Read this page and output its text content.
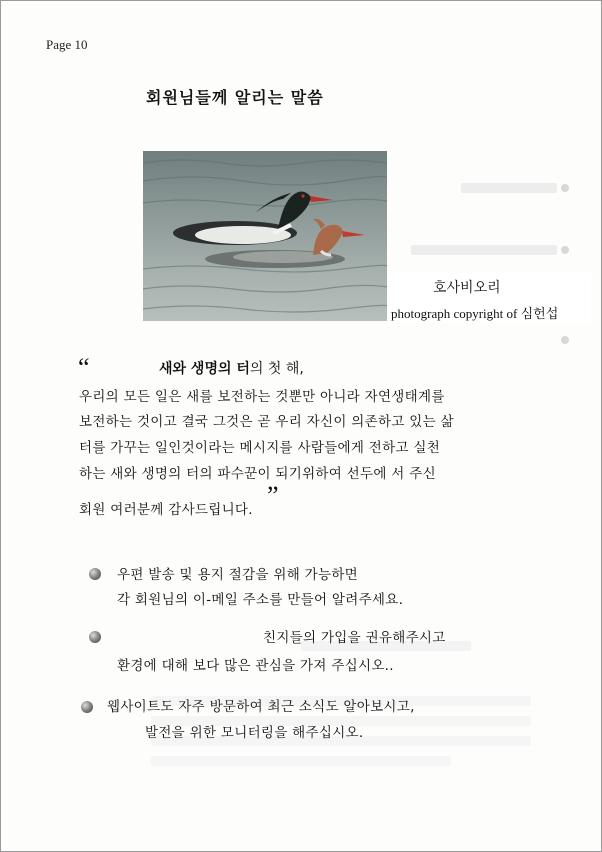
Page 10
회원님들께 알리는 말씀
호사비오리
photograph copyright of 심헌섭
“	새와 생명의 터의 첫 해,
우리의 모든 일은 새를 보전하는 것뿐만 아니라 자연생태계를
보전하는 것이고 결국 그것은 곧 우리 자신이 의존하고 있는 삶
터를 가꾸는 일인것이라는 메시지를 사람들에게 전하고 실천
하는 새와 생명의 터의 파수꾼이 되기위하여 선두에 서 주신
회원 여러분께 감사드립니다. ”
우편 발송 및 용지 절감을 위해 가능하면
각 회원님의 이-메일 주소를 만들어 알려주세요.
친지들의 가입을 권유해주시고
환경에 대해 보다 많은 관심을 가져 주십시오..
웹사이트도 자주 방문하여 최근 소식도 알아보시고,
발전을 위한 모니터링을 해주십시오.
